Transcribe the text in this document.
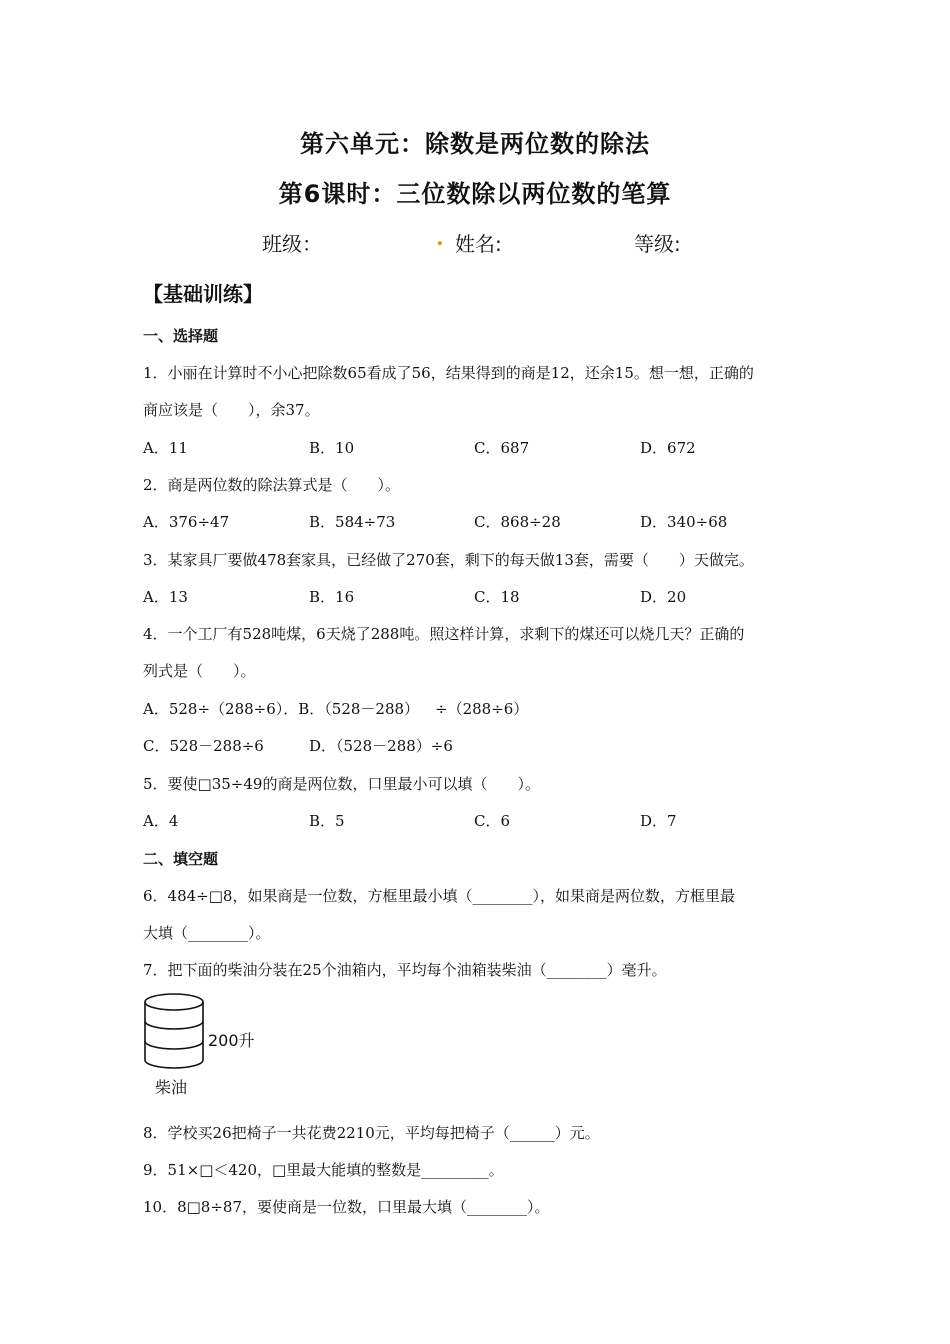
第六单元：除数是两位数的除法
第6课时：三位数除以两位数的笔算
班级：	. 姓名:	等级:
【基础训练】
一、选择题
1．小丽在计算时不小心把除数65看成了56，结果得到的商是12，还余15。想一想，正确的
商应该是（　　），余37。
A．11	B．10	C．687	D．672
2．商是两位数的除法算式是（　　）。
A．376÷47	B．584÷73	C．868÷28	D．340÷68
3．某家具厂要做478套家具，已经做了270套，剩下的每天做13套，需要（　　）天做完。
A．13	B．16	C．18	D．20
4．一个工厂有528吨煤，6天烧了288吨。照这样计算，求剩下的煤还可以烧几天？正确的
列式是（　　）。
A．528÷（288÷6）．B．（528－288） ÷（288÷6）
C．528－288÷6	D．（528－288）÷6
5．要使□35÷49的商是两位数，口里最小可以填（　　）。
A．4	B．5	C．6	D．7
二、填空题
6．484÷□8，如果商是一位数，方框里最小填（________），如果商是两位数，方框里最
大填（________）。
7．把下面的柴油分装在25个油箱内，平均每个油箱装柴油（________）毫升。
200升
柴油
8．学校买26把椅子一共花费2210元，平均每把椅子（______）元。
9．51×□＜420，□里最大能填的整数是_________。
10．8□8÷87，要使商是一位数，口里最大填（________）。
